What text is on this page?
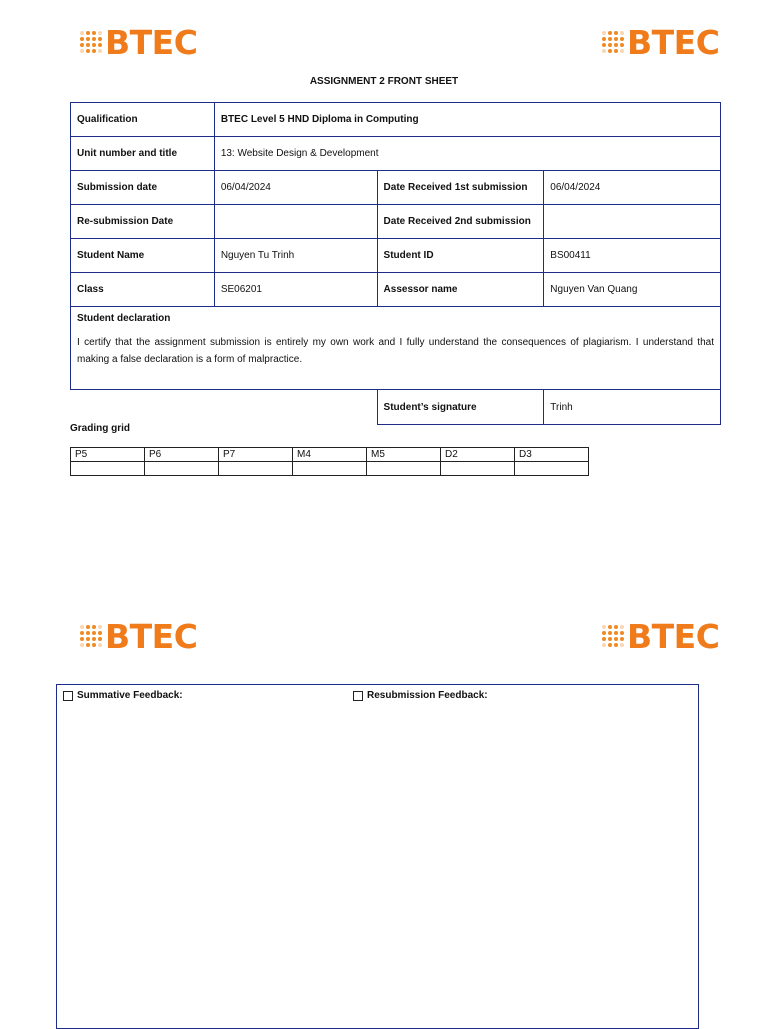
BTEC	BTEC
ASSIGNMENT 2 FRONT SHEET
Qualification	BTEC Level 5 HND Diploma in Computing		
Unit number and title	13: Website Design & Development		
Submission date	06/04/2024	Date Received 1st submission	06/04/2024
Re-submission Date		Date Received 2nd submission	
Student Name	Nguyen Tu Trinh	Student ID	BS00411
Class	SE06201	Assessor name	Nguyen Van Quang

Student declaration
I certify that the assignment submission is entirely my own work and I fully understand the consequences of plagiarism. I understand that making a false declaration is a form of malpractice.			

		Student’s signature	Trinh
Grading grid
P5	P6	P7	M4	M5	D2	D3

BTEC	BTEC
Summative Feedback:	Resubmission Feedback:
